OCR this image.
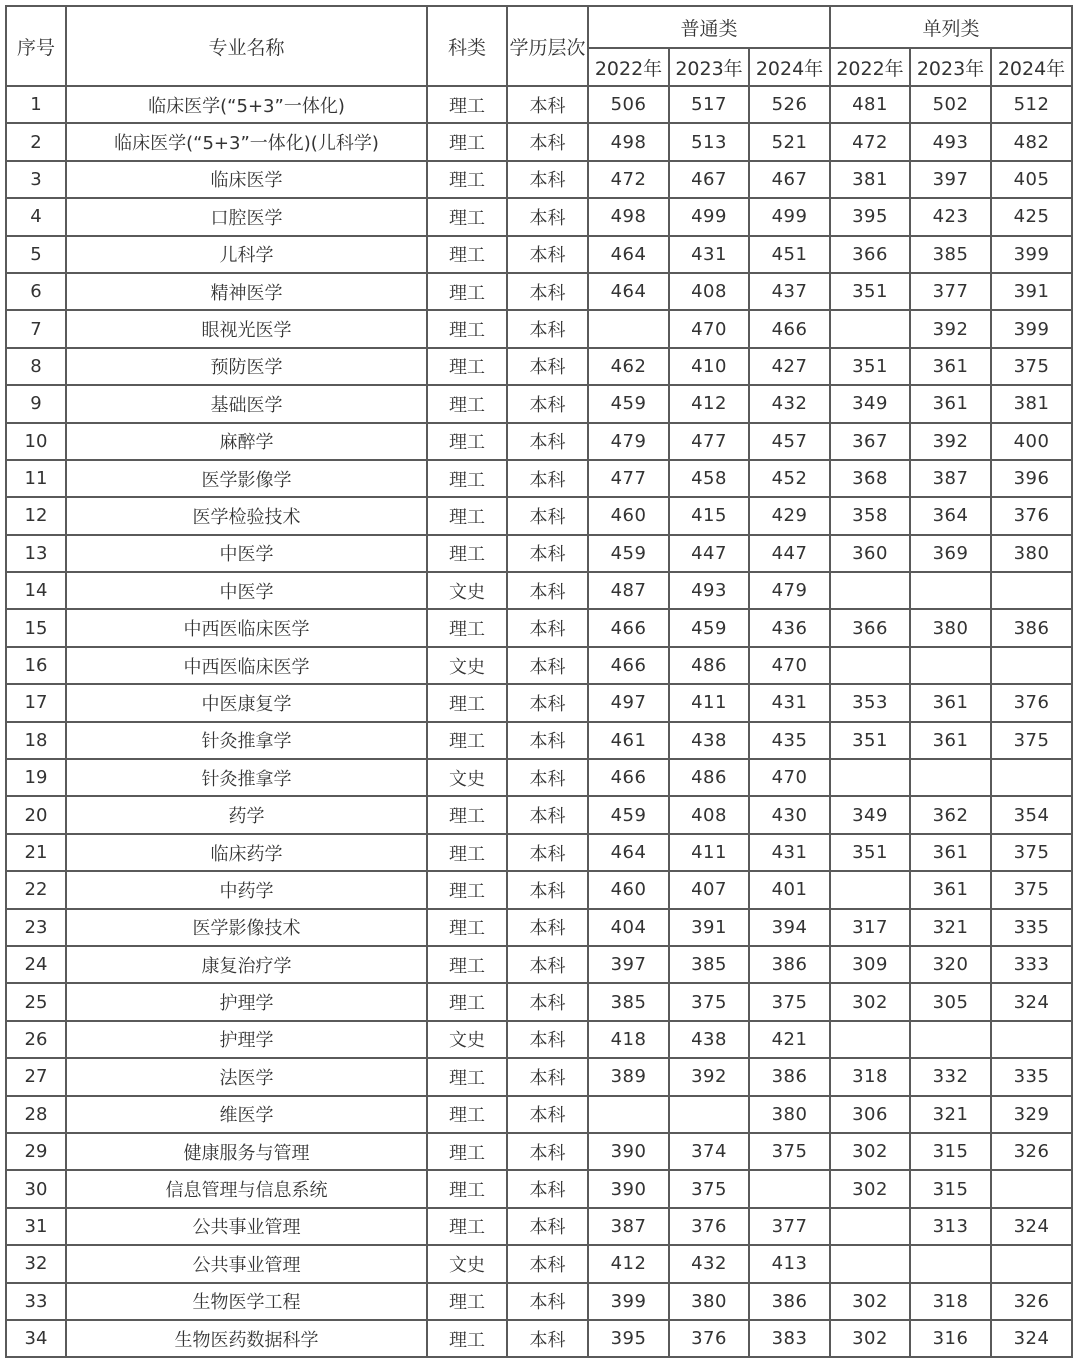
序号	专业名称	科类	学历层次	普通类			单列类		
				2022年	2023年	2024年	2022年	2023年	2024年
1	临床医学(“5+3”一体化)	理工	本科	506	517	526	481	502	512
2	临床医学(“5+3”一体化)(儿科学)	理工	本科	498	513	521	472	493	482
3	临床医学	理工	本科	472	467	467	381	397	405
4	口腔医学	理工	本科	498	499	499	395	423	425
5	儿科学	理工	本科	464	431	451	366	385	399
6	精神医学	理工	本科	464	408	437	351	377	391
7	眼视光医学	理工	本科		470	466		392	399
8	预防医学	理工	本科	462	410	427	351	361	375
9	基础医学	理工	本科	459	412	432	349	361	381
10	麻醉学	理工	本科	479	477	457	367	392	400
11	医学影像学	理工	本科	477	458	452	368	387	396
12	医学检验技术	理工	本科	460	415	429	358	364	376
13	中医学	理工	本科	459	447	447	360	369	380
14	中医学	文史	本科	487	493	479			
15	中西医临床医学	理工	本科	466	459	436	366	380	386
16	中西医临床医学	文史	本科	466	486	470			
17	中医康复学	理工	本科	497	411	431	353	361	376
18	针灸推拿学	理工	本科	461	438	435	351	361	375
19	针灸推拿学	文史	本科	466	486	470			
20	药学	理工	本科	459	408	430	349	362	354
21	临床药学	理工	本科	464	411	431	351	361	375
22	中药学	理工	本科	460	407	401		361	375
23	医学影像技术	理工	本科	404	391	394	317	321	335
24	康复治疗学	理工	本科	397	385	386	309	320	333
25	护理学	理工	本科	385	375	375	302	305	324
26	护理学	文史	本科	418	438	421			
27	法医学	理工	本科	389	392	386	318	332	335
28	维医学	理工	本科			380	306	321	329
29	健康服务与管理	理工	本科	390	374	375	302	315	326
30	信息管理与信息系统	理工	本科	390	375		302	315	
31	公共事业管理	理工	本科	387	376	377		313	324
32	公共事业管理	文史	本科	412	432	413			
33	生物医学工程	理工	本科	399	380	386	302	318	326
34	生物医药数据科学	理工	本科	395	376	383	302	316	324
